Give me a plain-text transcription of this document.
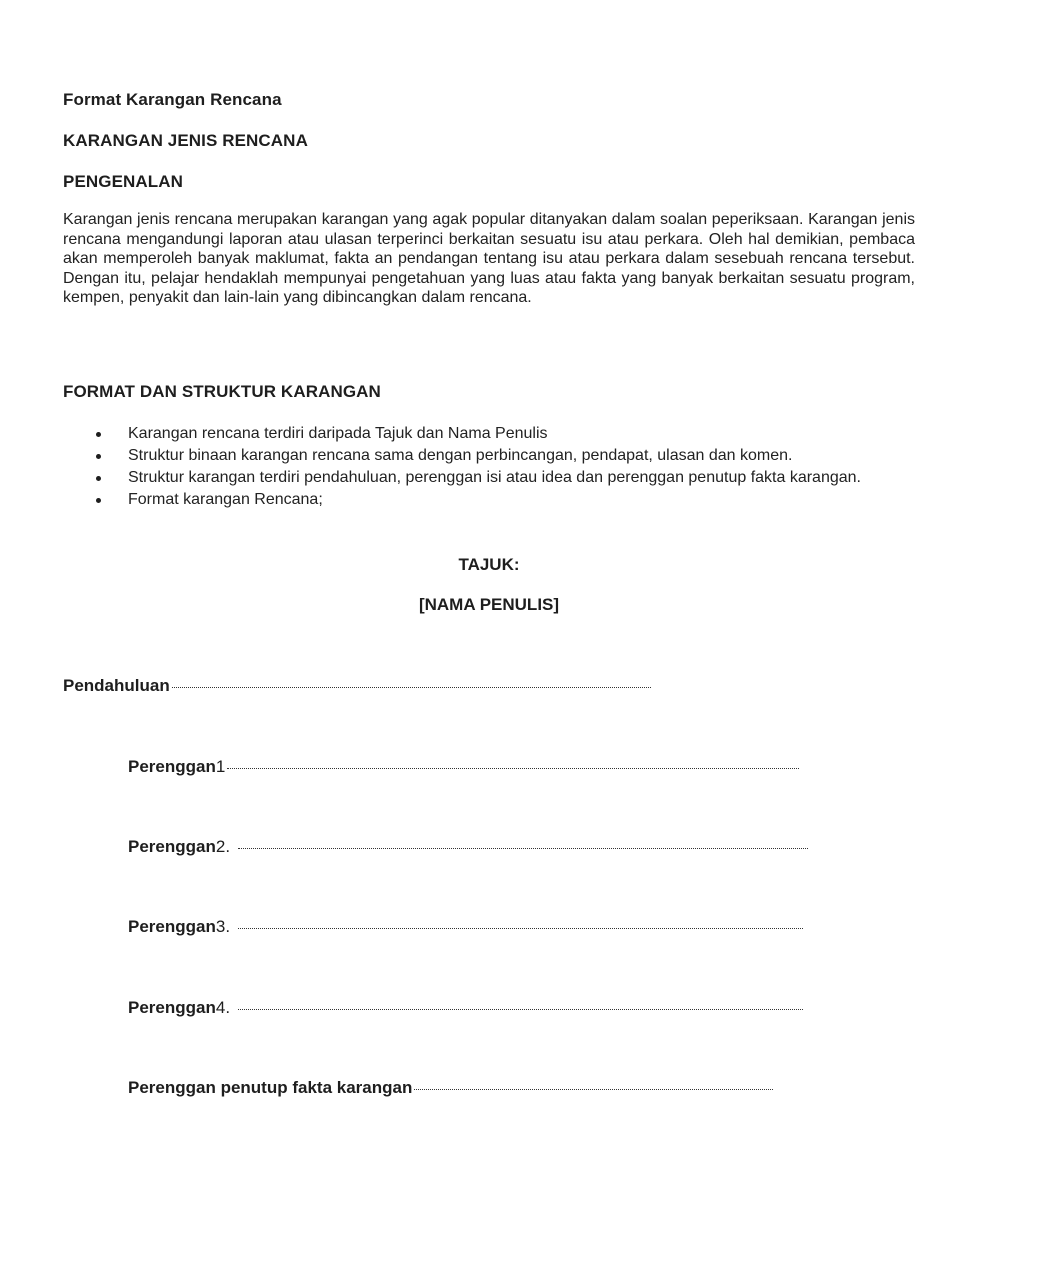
Format Karangan Rencana
KARANGAN JENIS RENCANA
PENGENALAN
Karangan jenis rencana merupakan karangan yang agak popular ditanyakan dalam soalan peperiksaan. Karangan jenis rencana mengandungi laporan atau ulasan terperinci berkaitan sesuatu isu atau perkara. Oleh hal demikian, pembaca akan memperoleh banyak maklumat, fakta an pendangan tentang isu atau perkara dalam sesebuah rencana tersebut. Dengan itu, pelajar hendaklah mempunyai pengetahuan yang luas atau fakta yang banyak berkaitan sesuatu program, kempen, penyakit dan lain-lain yang dibincangkan dalam rencana.
FORMAT DAN STRUKTUR KARANGAN
Karangan rencana terdiri daripada Tajuk dan Nama Penulis
Struktur binaan karangan rencana sama dengan perbincangan, pendapat, ulasan dan komen.
Struktur karangan terdiri pendahuluan, perenggan isi atau idea dan perenggan penutup fakta karangan.
Format karangan Rencana;
TAJUK:
[NAMA PENULIS]
Pendahuluan
Perenggan 1
Perenggan 2.
Perenggan 3.
Perenggan 4.
Perenggan penutup fakta karangan
